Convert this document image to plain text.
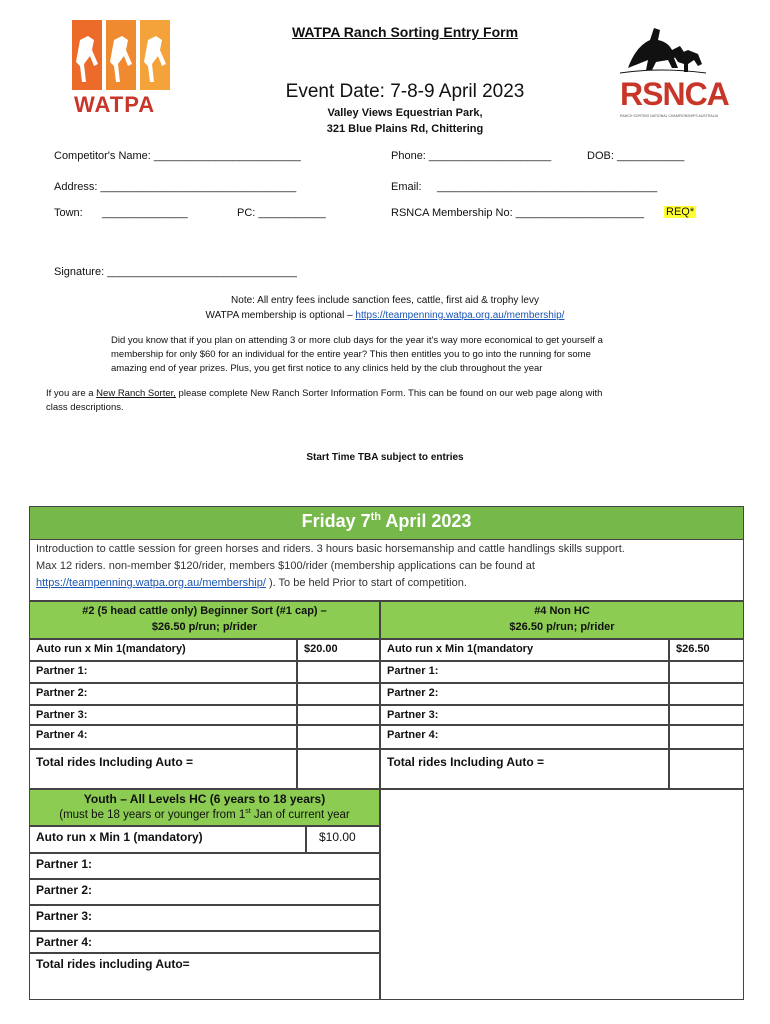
WATPA	RSNCA
RANCH SORTING NATIONAL CHAMPIONSHIPS AUSTRALIA
WATPA Ranch Sorting Entry Form
Event Date: 7-8-9 April 2023
Valley Views Equestrian Park,
321 Blue Plains Rd, Chittering
Competitor's Name: ________________________	Phone: ____________________	DOB: ___________
Address: ________________________________	Email: ____________________________________
Town: ______________	PC: ___________	RSNCA Membership No: _____________________ REQ*
Signature: _______________________________
Note: All entry fees include sanction fees, cattle, first aid & trophy levy
WATPA membership is optional – https://teampenning.watpa.org.au/membership/
Did you know that if you plan on attending 3 or more club days for the year it's way more economical to get yourself a
membership for only $60 for an individual for the entire year? This then entitles you to go into the running for some
amazing end of year prizes. Plus, you get first notice to any clinics held by the club throughout the year
If you are a New Ranch Sorter, please complete New Ranch Sorter Information Form. This can be found on our web page along with
class descriptions.
Start Time TBA subject to entries
Friday 7th April 2023
Introduction to cattle session for green horses and riders. 3 hours basic horsemanship and cattle handlings skills support.
Max 12 riders. non-member $120/rider, members $100/rider (membership applications can be found at
https://teampenning.watpa.org.au/membership/ ). To be held Prior to start of competition.
#2 (5 head cattle only) Beginner Sort (#1 cap) –
$26.50 p/run; p/rider
Auto run x Min 1(mandatory)	$20.00
Partner 1:
Partner 2:
Partner 3:
Partner 4:
Total rides Including Auto =
#4 Non HC
$26.50 p/run; p/rider
Auto run x Min 1(mandatory	$26.50
Partner 1:
Partner 2:
Partner 3:
Partner 4:
Total rides Including Auto =
Youth – All Levels HC (6 years to 18 years)
(must be 18 years or younger from 1st Jan of current year
Auto run x Min 1 (mandatory)	$10.00
Partner 1:
Partner 2:
Partner 3:
Partner 4:
Total rides including Auto=
